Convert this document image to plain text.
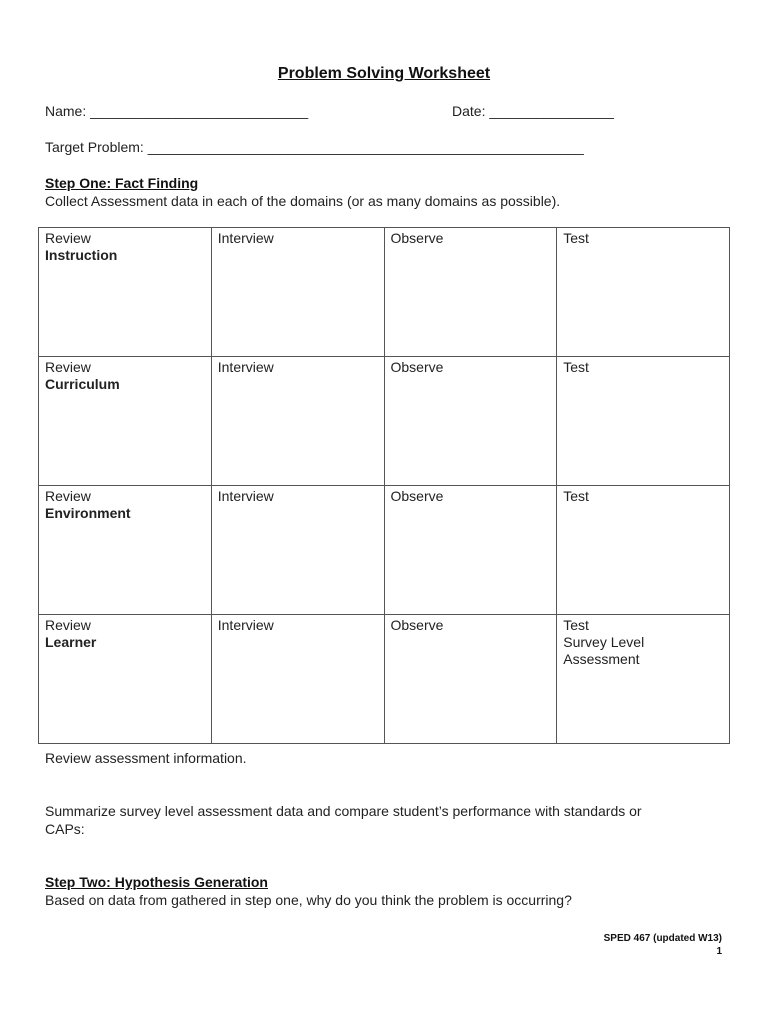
Problem Solving Worksheet
Name: ____________________________	Date: ________________
Target Problem: ________________________________________________________
Step One: Fact Finding
Collect Assessment data in each of the domains (or as many domains as possible).
Review
Instruction	Interview	Observe	Test

Review
Curriculum	Interview	Observe	Test

Review
Environment	Interview	Observe	Test

Review
Learner	Interview	Observe	Test
Survey Level
Assessment
Review assessment information.
Summarize survey level assessment data and compare student’s performance with standards or
CAPs:
Step Two: Hypothesis Generation
Based on data from gathered in step one, why do you think the problem is occurring?
SPED 467 (updated W13)
1
